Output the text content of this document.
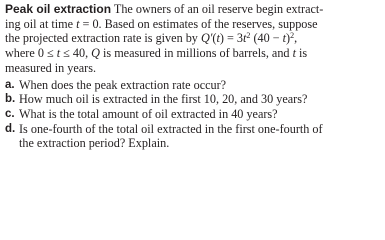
Peak oil extraction The owners of an oil reserve begin extract-
ing oil at time t = 0. Based on estimates of the reserves, suppose
the projected extraction rate is given by $Q'(t) = 3t^2$ $(40 - t)^2$,
where 0 ≤ t ≤ 40, Q is measured in millions of barrels, and t is
measured in years.
a. When does the peak extraction rate occur?
b. How much oil is extracted in the first 10, 20, and 30 years?
c. What is the total amount of oil extracted in 40 years?
d. Is one-fourth of the total oil extracted in the first one-fourth of
the extraction period? Explain.
